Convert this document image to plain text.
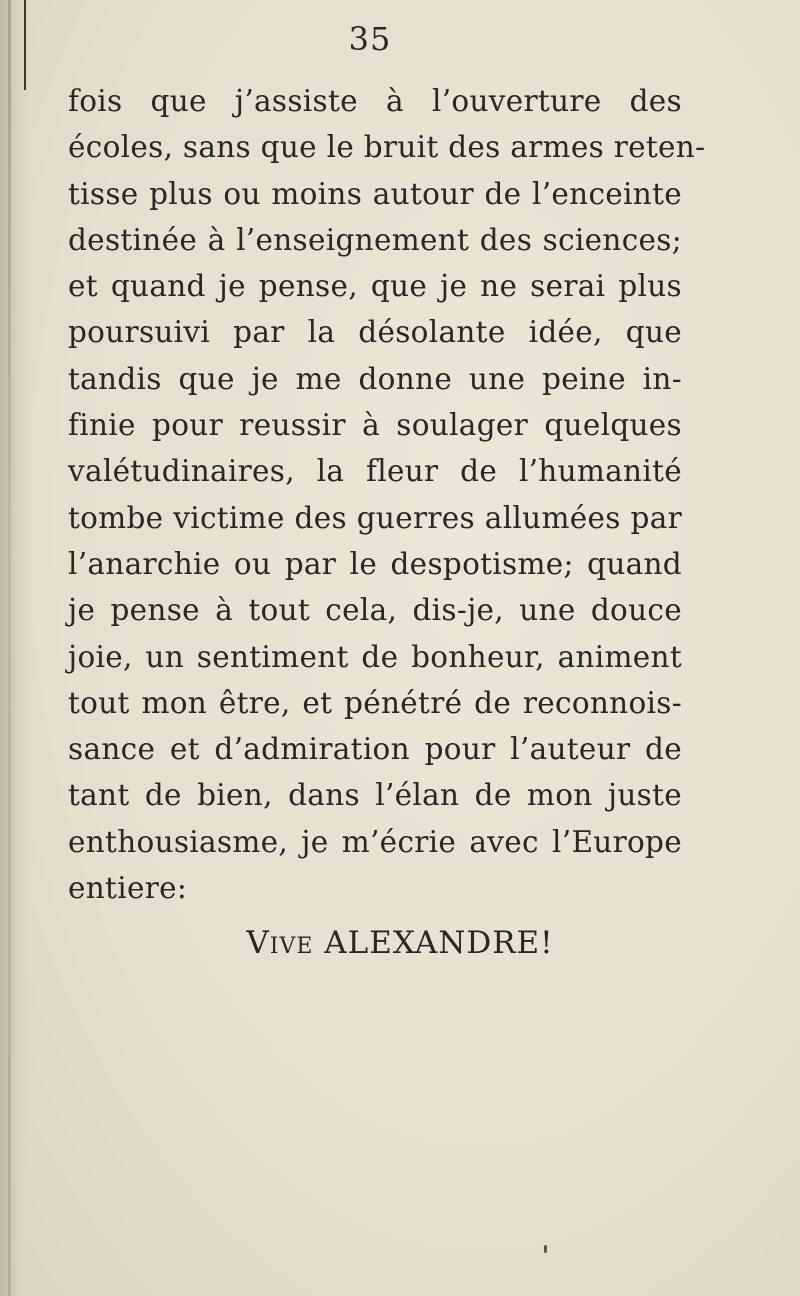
35
fois que j’assiste à l’ouverture des
écoles, sans que le bruit des armes reten-
tisse plus ou moins autour de l’enceinte
destinée à l’enseignement des sciences;
et quand je pense, que je ne serai plus
poursuivi par la désolante idée, que
tandis que je me donne une peine in-
finie pour reussir à soulager quelques
valétudinaires, la fleur de l’humanité
tombe victime des guerres allumées par
l’anarchie ou par le despotisme; quand
je pense à tout cela, dis-je, une douce
joie, un sentiment de bonheur, animent
tout mon être, et pénétré de reconnois-
sance et d’admiration pour l’auteur de
tant de bien, dans l’élan de mon juste
enthousiasme, je m’écrie avec l’Europe
entiere:
Vive ALEXANDRE!
